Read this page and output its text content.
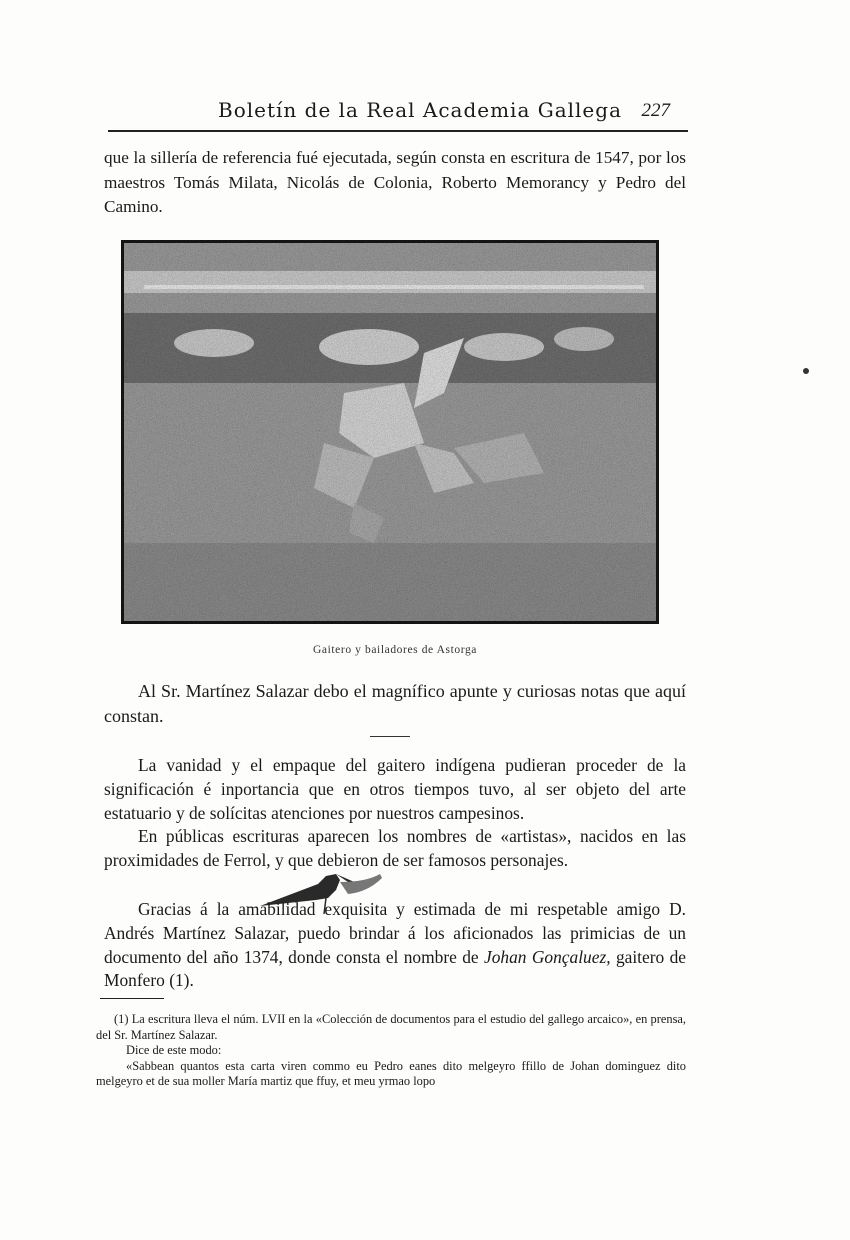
Boletín de la Real Academia Gallega 227
que la sillería de referencia fué ejecutada, según consta en escritura de 1547, por los maestros Tomás Milata, Nicolás de Colonia, Roberto Memorancy y Pedro del Camino.
Gaitero y bailadores de Astorga
Al Sr. Martínez Salazar debo el magnífico apunte y curiosas notas que aquí constan.
La vanidad y el empaque del gaitero indígena pudieran proceder de la significación é inportancia que en otros tiempos tuvo, al ser objeto del arte estatuario y de solícitas atenciones por nuestros campesinos.
En públicas escrituras aparecen los nombres de «artistas», nacidos en las proximidades de Ferrol, y que debieron de ser famosos personajes.
Gracias á la amabilidad exquisita y estimada de mi respetable amigo D. Andrés Martínez Salazar, puedo brindar á los aficionados las primicias de un documento del año 1374, donde consta el nombre de Johan Gonçaluez, gaitero de Monfero (1).

(1) La escritura lleva el núm. LVII en la «Colección de documentos para el estudio del gallego arcaico», en prensa, del Sr. Martínez Salazar.

Dice de este modo:

«Sabbean quantos esta carta viren commo eu Pedro eanes dito melgeyro ffillo de Johan dominguez dito melgeyro et de sua moller María martiz que ffuy, et meu yrmao lopo
